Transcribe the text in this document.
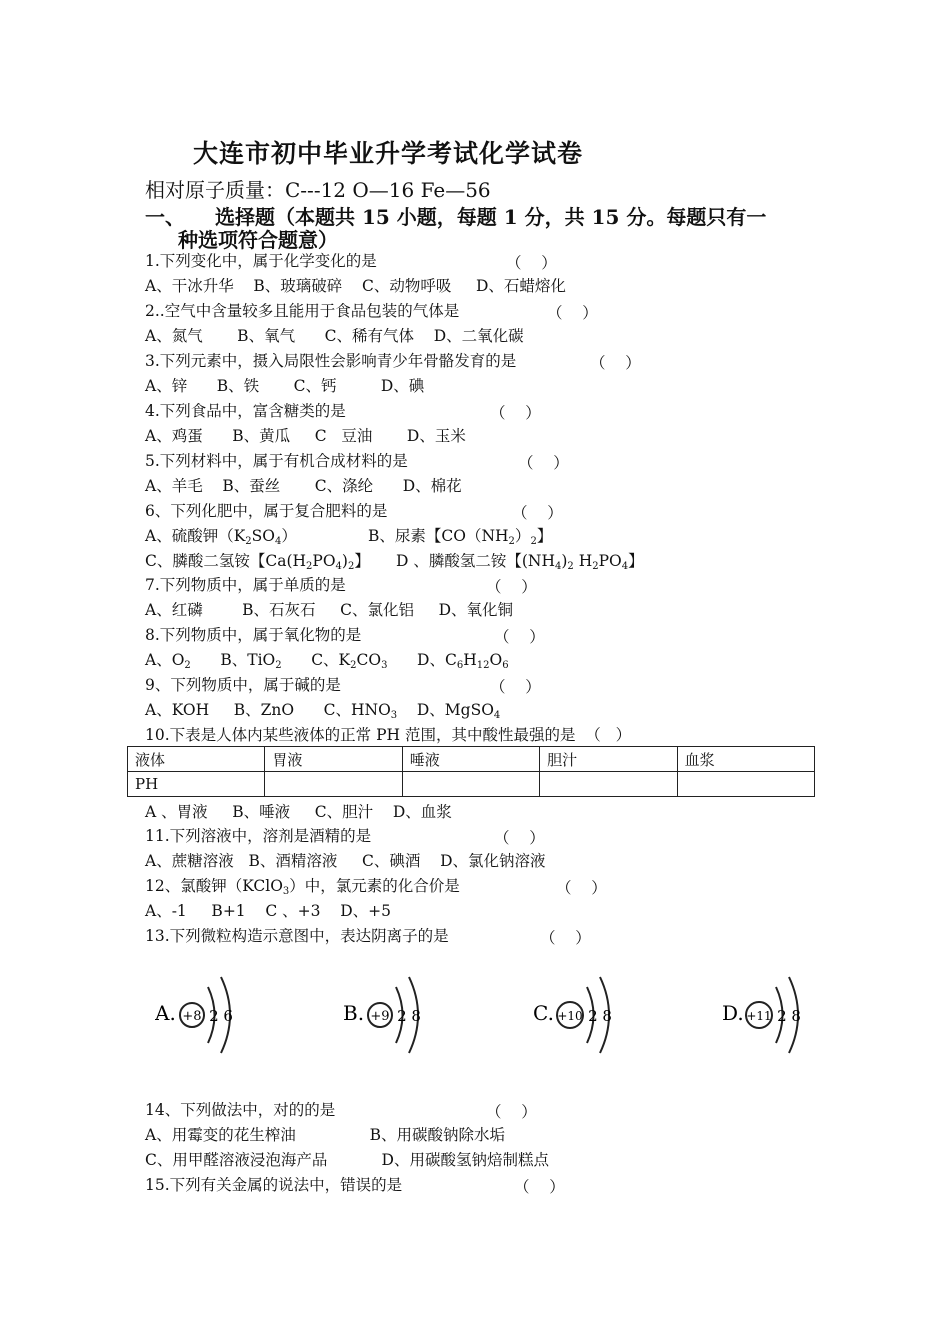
大连市初中毕业升学考试化学试卷
相对原子质量：C---12 O—16 Fe—56
一、 选择题（本题共 15 小题，每题 1 分，共 15 分。每题只有一
种选项符合题意）
1.下列变化中，属于化学变化的是	（    ）
A、干冰升华    B、玻璃破碎    C、动物呼吸     D、石蜡熔化
2..空气中含量较多且能用于食品包装的气体是	（    ）
A、氮气       B、氧气      C、稀有气体    D、二氧化碳
3.下列元素中，摄入局限性会影响青少年骨骼发育的是	（    ）
A、锌      B、铁       C、钙         D、碘
4.下列食品中，富含糖类的是	（    ）
A、鸡蛋      B、黄瓜     C   豆油       D、玉米
5.下列材料中，属于有机合成材料的是	（    ）
A、羊毛    B、蚕丝       C、涤纶      D、棉花
6、下列化肥中，属于复合肥料的是	（    ）
A、硫酸钾$(K_2SO_4)$	B、尿素【$CO(NH_2)_2$】
C、膦酸二氢铵【$Ca(H_2PO_4)_2$】 D 、膦酸氢二铵【$(NH_4)_2$ $H_2PO_4$】
7.下列物质中，属于单质的是	（    ）
A、红磷        B、石灰石     C、氯化铝     D、氧化铜
8.下列物质中，属于氧化物的是	（    ）
A、$O_2$ B、TiO$_2$ C、$K_2CO_3$ D、$C_6H_{12}O_6$
9、下列物质中，属于碱的是	（    ）
A、KOH     B、ZnO      C、$HNO_3$    D、MgSO$_4$
10.下表是人体内某些液体的正常 PH 范围，其中酸性最强的是  （   ）
液体	胃液	唾液	胆汁	血浆
PH				
A 、胃液     B、唾液     C、胆汁    D、血浆
11.下列溶液中，溶剂是酒精的是	（    ）
A、蔗糖溶液   B、酒精溶液     C、碘酒    D、氯化钠溶液
12、氯酸钾（KClO$_3$）中，氯元素的化合价是	（    ）
A、-1     B+1    C 、+3    D、+5
13.下列微粒构造示意图中，表达阴离子的是	（    ）
A. +8 2 6	B. +9 2 8	C. +10 2 8	D. +11 2 8
14、下列做法中，对的的是	（    ）
A、用霉变的花生榨油               B、用碳酸钠除水垢
C、用甲醛溶液浸泡海产品           D、用碳酸氢钠焙制糕点
15.下列有关金属的说法中，错误的是	（    ）
